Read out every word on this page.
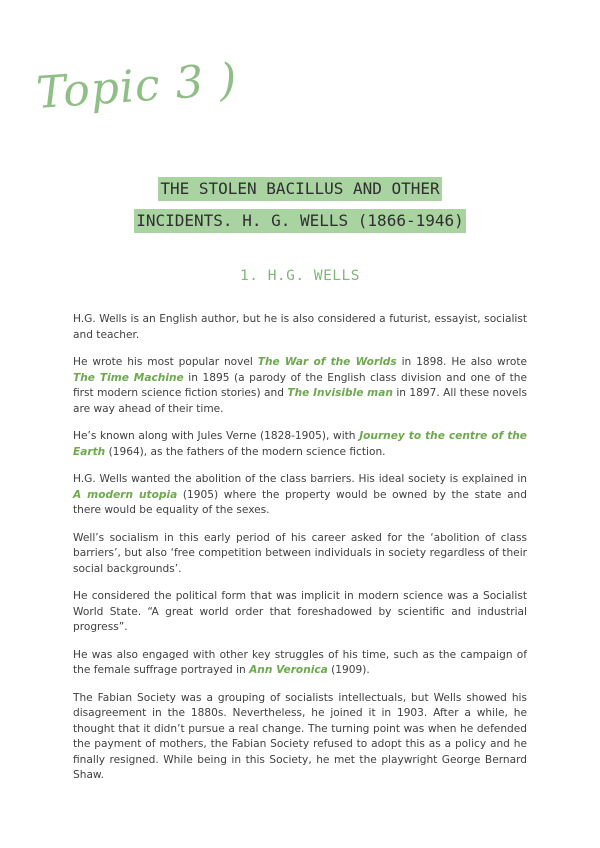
Topic 3 )
THE STOLEN BACILLUS AND OTHER
INCIDENTS. H. G. WELLS (1866-1946)
1. H.G. WELLS

H.G. Wells is an English author, but he is also considered a futurist, essayist, socialist and teacher.

He wrote his most popular novel The War of the Worlds in 1898. He also wrote The Time Machine in 1895 (a parody of the English class division and one of the first modern science fiction stories) and The Invisible man in 1897. All these novels are way ahead of their time.

He’s known along with Jules Verne (1828-1905), with Journey to the centre of the Earth (1964), as the fathers of the modern science fiction.

H.G. Wells wanted the abolition of the class barriers. His ideal society is explained in A modern utopia (1905) where the property would be owned by the state and there would be equality of the sexes.

Well’s socialism in this early period of his career asked for the ‘abolition of class barriers’, but also ‘free competition between individuals in society regardless of their social backgrounds’.

He considered the political form that was implicit in modern science was a Socialist World State. “A great world order that foreshadowed by scientific and industrial progress”.

He was also engaged with other key struggles of his time, such as the campaign of the female suffrage portrayed in Ann Veronica (1909).

The Fabian Society was a grouping of socialists intellectuals, but Wells showed his disagreement in the 1880s. Nevertheless, he joined it in 1903. After a while, he thought that it didn’t pursue a real change. The turning point was when he defended the payment of mothers, the Fabian Society refused to adopt this as a policy and he finally resigned. While being in this Society, he met the playwright George Bernard Shaw.
